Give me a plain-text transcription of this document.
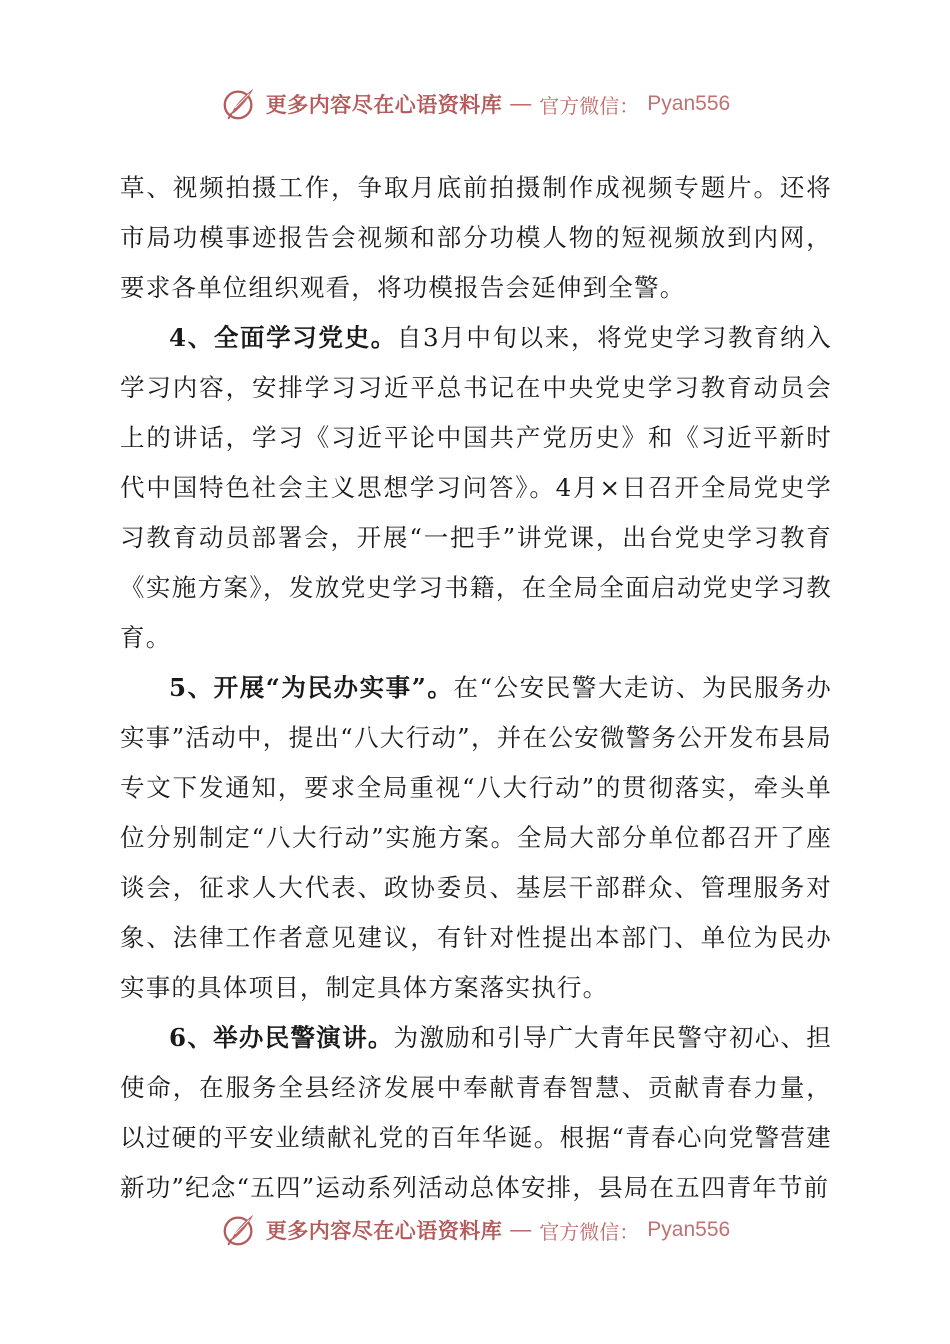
更多内容尽在心语资料库 — 官方微信： Pyan556

草、视频拍摄工作，争取月底前拍摄制作成视频专题片。还将市局功模事迹报告会视频和部分功模人物的短视频放到内网，要求各单位组织观看，将功模报告会延伸到全警。

4、全面学习党史。自3月中旬以来，将党史学习教育纳入学习内容，安排学习习近平总书记在中央党史学习教育动员会上的讲话，学习《习近平论中国共产党历史》和《习近平新时代中国特色社会主义思想学习问答》。4月×日召开全局党史学习教育动员部署会，开展“一把手”讲党课，出台党史学习教育《实施方案》，发放党史学习书籍，在全局全面启动党史学习教育。

5、开展“为民办实事”。在“公安民警大走访、为民服务办实事”活动中，提出“八大行动”，并在公安微警务公开发布县局专文下发通知，要求全局重视“八大行动”的贯彻落实，牵头单位分别制定“八大行动”实施方案。全局大部分单位都召开了座谈会，征求人大代表、政协委员、基层干部群众、管理服务对象、法律工作者意见建议，有针对性提出本部门、单位为民办实事的具体项目，制定具体方案落实执行。

6、举办民警演讲。为激励和引导广大青年民警守初心、担使命，在服务全县经济发展中奉献青春智慧、贡献青春力量，以过硬的平安业绩献礼党的百年华诞。根据“青春心向党警营建新功”纪念“五四”运动系列活动总体安排，县局在五四青年节前

更多内容尽在心语资料库 — 官方微信： Pyan556
